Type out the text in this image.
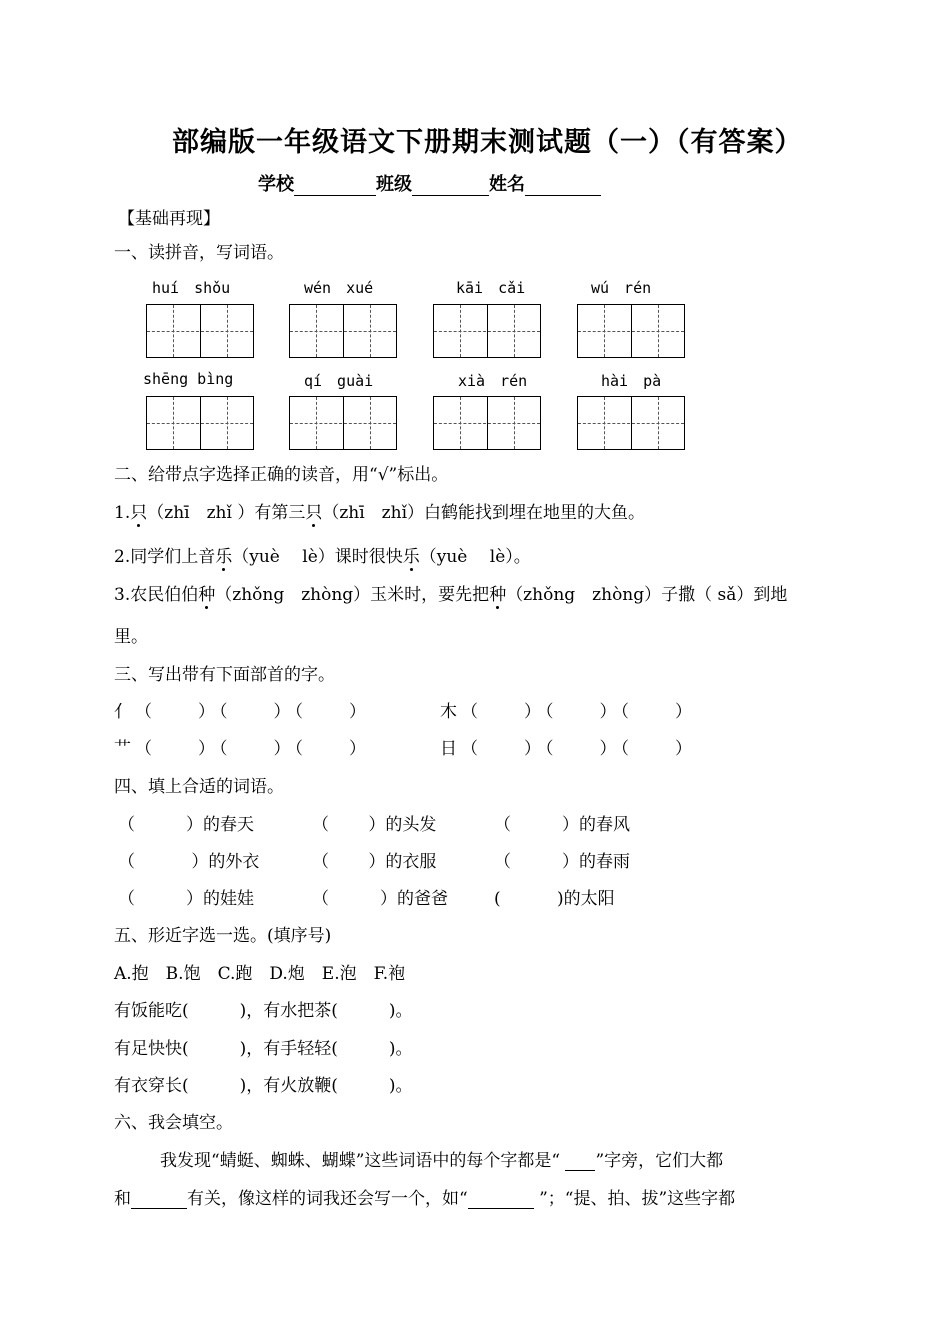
部编版一年级语文下册期末测试题（一）（有答案）
学校	班级	姓名
【基础再现】
一、读拼音，写词语。
huí　shǒu	wén　xué	kāi　cǎi	wú　rén
shēng bìng	qí　guài	xià　rén	hài　pà
二、给带点字选择正确的读音，用“√”标出。
1.只（zhī　zhǐ ）有第三只（zhī　zhǐ）白鹤能找到埋在地里的大鱼。
2.同学们上音乐（yuè　 lè）课时很快乐（yuè　 lè）。
3.农民伯伯种（zhǒng　zhòng）玉米时，要先把种（zhǒng　zhòng）子撒（ sǎ）到地
里。
三、写出带有下面部首的字。
亻（　　）（　　）（　　）	木（　　）（　　）（　　）
艹（　　）（　　）（　　）	日（　　）（　　）（　　）
四、填上合适的词语。
（　　　）的春天	（　　 ）的头发	（　　　）的春风
（　　　 ）的外衣	（　　 ）的衣服	（　　　）的春雨
（　　　）的娃娃	（　　　）的爸爸	(　　　 )的太阳
五、形近字选一选。(填序号)
A.抱　B.饱　C.跑　D.炮　E.泡　F.袍
有饭能吃(　　　)，有水把茶(　　　)。
有足快快(　　　)，有手轻轻(　　　)。
有衣穿长(　　　)，有火放鞭(　　　)。
六、我会填空。
我发现“蜻蜓、蜘蛛、蝴蝶”这些词语中的每个字都是“ ”字旁，它们大都
和	有关，像这样的词我还会写一个，如“	”；“提、拍、拔”这些字都
